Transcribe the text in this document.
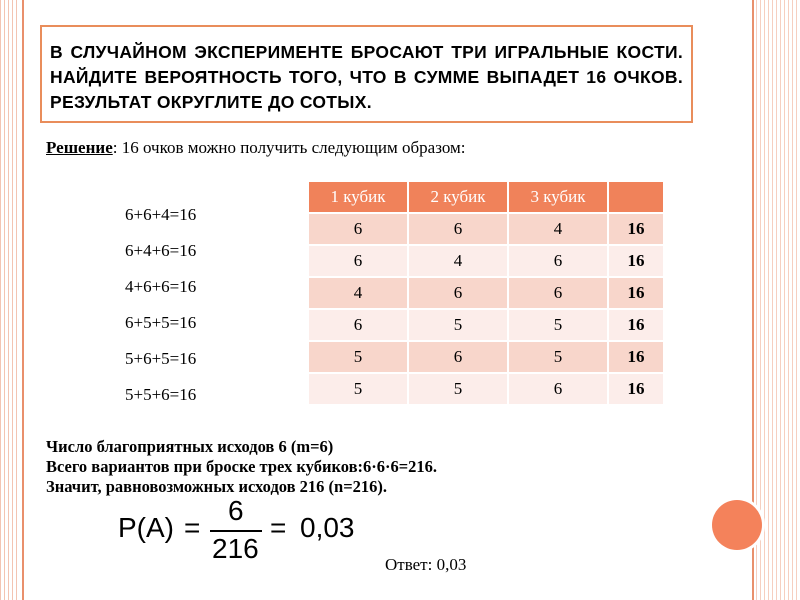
В СЛУЧАЙНОМ ЭКСПЕРИМЕНТЕ БРОСАЮТ ТРИ ИГРАЛЬНЫЕ КОСТИ. НАЙДИТЕ ВЕРОЯТНОСТЬ ТОГО, ЧТО В СУММЕ ВЫПАДЕТ 16 ОЧКОВ. РЕЗУЛЬТАТ ОКРУГЛИТЕ ДО СОТЫХ.
Решение: 16 очков можно получить следующим образом:
6+6+4=16
6+4+6=16
4+6+6=16
6+5+5=16
5+6+5=16
5+5+6=16
1 кубик	2 кубик	3 кубик	
6	6	4	16
6	4	6	16
4	6	6	16
6	5	5	16
5	6	5	16
5	5	6	16
Число благоприятных исходов 6 (m=6)
Всего вариантов при броске трех кубиков:6·6·6=216.
Значит, равновозможных исходов 216 (n=216).
P(A) =
6
216
= 0,03
Ответ: 0,03
